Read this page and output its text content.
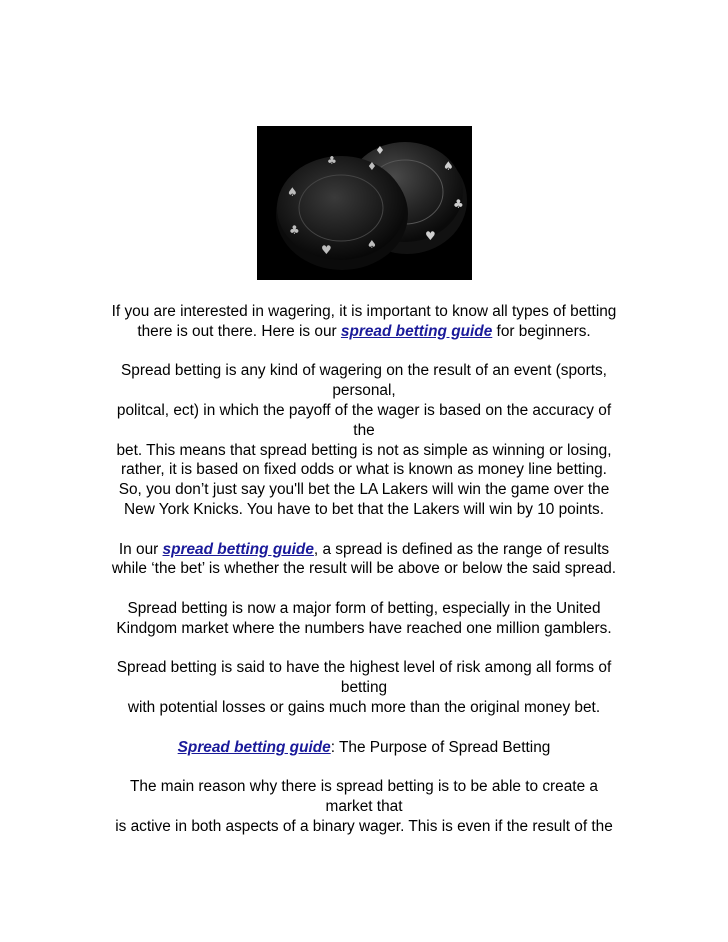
♠
♣
♥
♦
♠
♣	♦
♣
♥	♠
If you are interested in wagering, it is important to know all types of betting
there is out there. Here is our spread betting guide for beginners.
Spread betting is any kind of wagering on the result of an event (sports,
personal,
politcal, ect) in which the payoff of the wager is based on the accuracy of
the
bet. This means that spread betting is not as simple as winning or losing,
rather, it is based on fixed odds or what is known as money line betting.
So, you don’t just say you'll bet the LA Lakers will win the game over the
New York Knicks. You have to bet that the Lakers will win by 10 points.
In our spread betting guide, a spread is defined as the range of results
while ‘the bet’ is whether the result will be above or below the said spread.
Spread betting is now a major form of betting, especially in the United
Kindgom market where the numbers have reached one million gamblers.
Spread betting is said to have the highest level of risk among all forms of
betting
with potential losses or gains much more than the original money bet.
Spread betting guide: The Purpose of Spread Betting
The main reason why there is spread betting is to be able to create a
market that
is active in both aspects of a binary wager. This is even if the result of the
